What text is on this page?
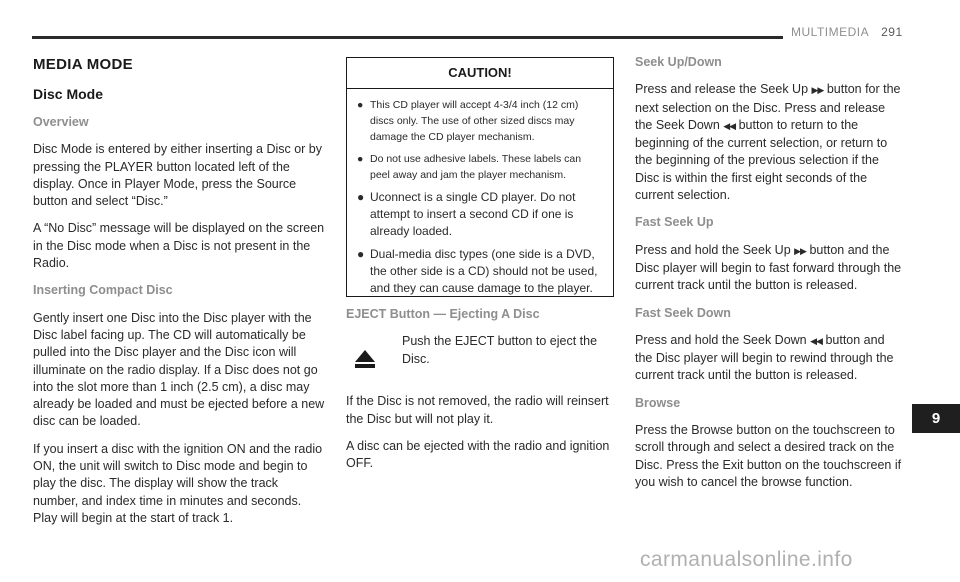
MULTIMEDIA 291
MEDIA MODE
Disc Mode

Overview

Disc Mode is entered by either inserting a Disc or by pressing the PLAYER button located left of the display. Once in Player Mode, press the Source button and select “Disc.”

A “No Disc” message will be displayed on the screen in the Disc mode when a Disc is not present in the Radio.

Inserting Compact Disc

Gently insert one Disc into the Disc player with the Disc label facing up. The CD will automatically be pulled into the Disc player and the Disc icon will illuminate on the radio display. If a Disc does not go into the slot more than 1 inch (2.5 cm), a disc may already be loaded and must be ejected before a new disc can be loaded.

If you insert a disc with the ignition ON and the radio ON, the unit will switch to Disc mode and begin to play the disc. The display will show the track number, and index time in minutes and seconds. Play will begin at the start of track 1.

CAUTION!
● This CD player will accept 4-3/4 inch (12 cm) discs only. The use of other sized discs may damage the CD player mechanism.
● Do not use adhesive labels. These labels can peel away and jam the player mechanism.
● Uconnect is a single CD player. Do not attempt to insert a second CD if one is already loaded.
● Dual-media disc types (one side is a DVD, the other side is a CD) should not be used, and they can cause damage to the player.

EJECT Button — Ejecting A Disc

Push the EJECT button to eject the Disc.

If the Disc is not removed, the radio will reinsert the Disc but will not play it.

A disc can be ejected with the radio and ignition OFF.

Seek Up/Down

Press and release the Seek Up ▶▶ button for the next selection on the Disc. Press and release the Seek Down ◀◀ button to return to the beginning of the current selection, or return to the beginning of the previous selection if the Disc is within the first eight seconds of the current selection.

Fast Seek Up

Press and hold the Seek Up ▶▶ button and the Disc player will begin to fast forward through the current track until the button is released.

Fast Seek Down

Press and hold the Seek Down ◀◀ button and the Disc player will begin to rewind through the current track until the button is released.

Browse

Press the Browse button on the touchscreen to scroll through and select a desired track on the Disc. Press the Exit button on the touchscreen if you wish to cancel the browse function.

9
carmanualsonline.info
